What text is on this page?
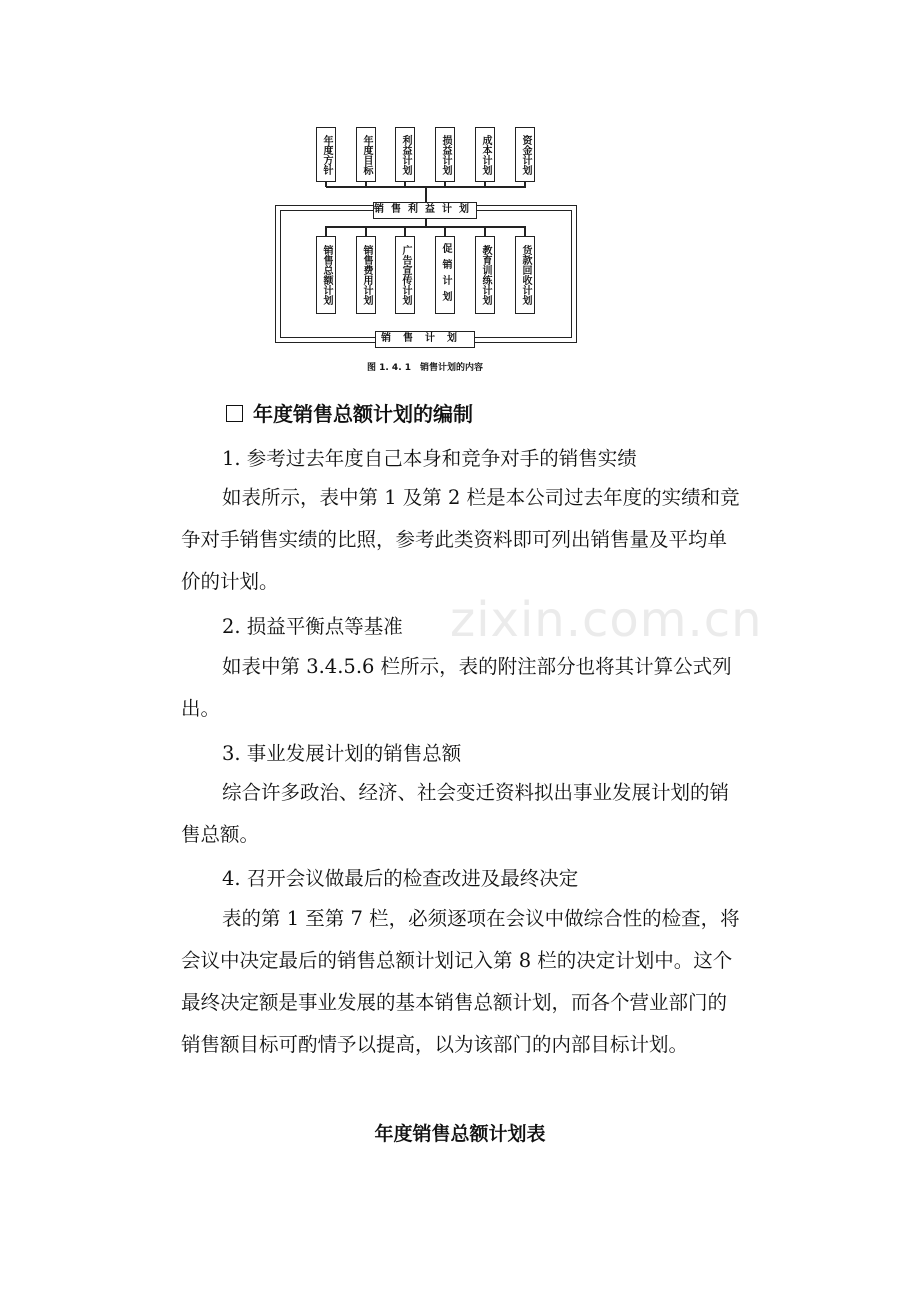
zixin.com.cn
年度方针	年度目标	利益计划	损益计划	成本计划	资金计划
销售利益计划
销售总额计划	销售费用计划	广告宣传计划	促销计划	教育训练计划	货款回收计划
销售计划
图 1. 4. 1　销售计划的内容
年度销售总额计划的编制
1. 参考过去年度自己本身和竞争对手的销售实绩
如表所示，表中第 1 及第 2 栏是本公司过去年度的实绩和竞争对手销售实绩的比照，参考此类资料即可列出销售量及平均单价的计划。
2. 损益平衡点等基准
如表中第 3.4.5.6 栏所示，表的附注部分也将其计算公式列出。
3. 事业发展计划的销售总额
综合许多政治、经济、社会变迁资料拟出事业发展计划的销售总额。
4. 召开会议做最后的检查改进及最终决定
表的第 1 至第 7 栏，必须逐项在会议中做综合性的检查，将会议中决定最后的销售总额计划记入第 8 栏的决定计划中。这个最终决定额是事业发展的基本销售总额计划，而各个营业部门的销售额目标可酌情予以提高，以为该部门的内部目标计划。
年度销售总额计划表
